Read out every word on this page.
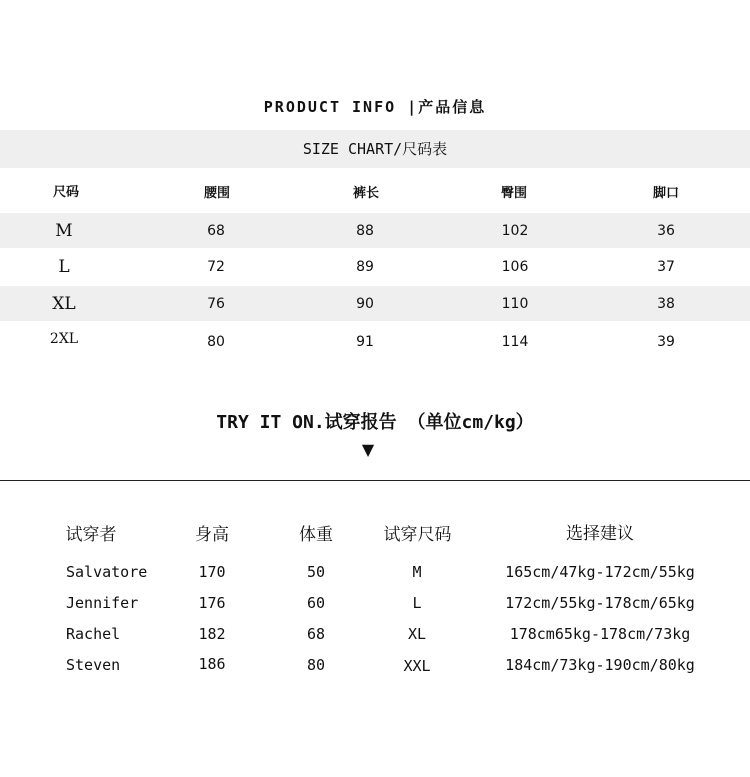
PRODUCT INFO |产品信息
SIZE CHART/尺码表
尺码	腰围	裤长	臀围	脚口
M	68	88	102	36
L	72	89	106	37
XL	76	90	110	38
2XL	80	91	114	39
TRY IT ON.试穿报告 （单位cm/kg）
▼
试穿者	身高	体重	试穿尺码	选择建议
Salvatore	170	50	M	165cm/47kg-172cm/55kg
Jennifer	176	60	L	172cm/55kg-178cm/65kg
Rachel	182	68	XL	178cm65kg-178cm/73kg
Steven	186	80	XXL	184cm/73kg-190cm/80kg
